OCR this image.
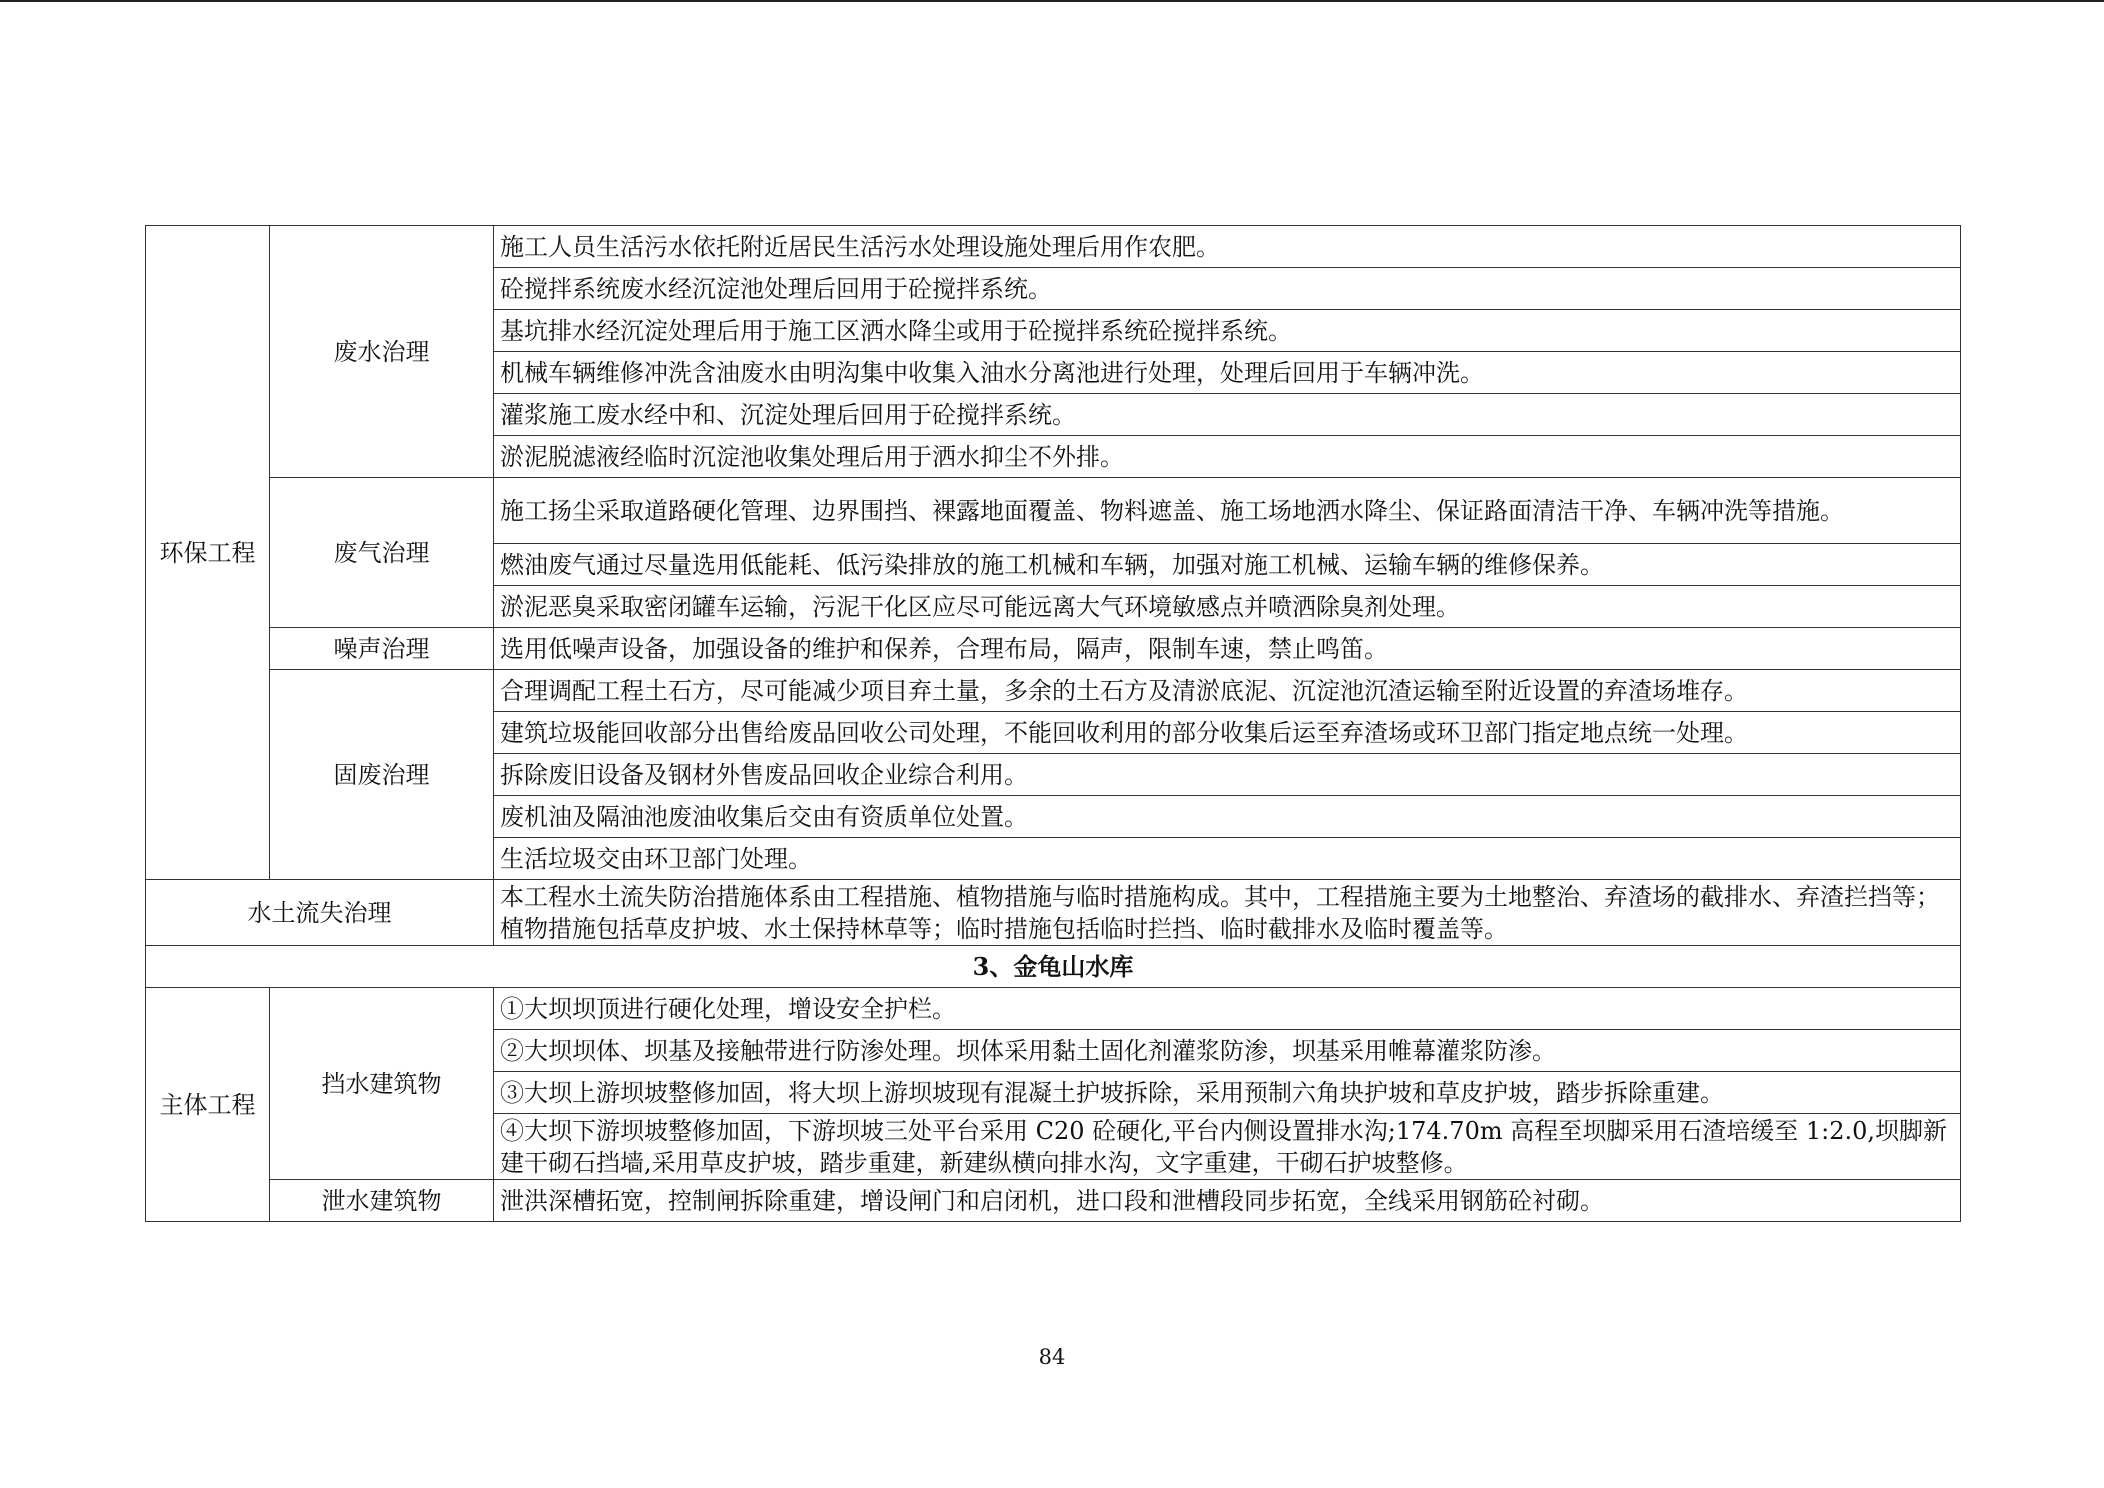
环保工程	废水治理	施工人员生活污水依托附近居民生活污水处理设施处理后用作农肥。
		砼搅拌系统废水经沉淀池处理后回用于砼搅拌系统。
		基坑排水经沉淀处理后用于施工区洒水降尘或用于砼搅拌系统砼搅拌系统。
		机械车辆维修冲洗含油废水由明沟集中收集入油水分离池进行处理，处理后回用于车辆冲洗。
		灌浆施工废水经中和、沉淀处理后回用于砼搅拌系统。
		淤泥脱滤液经临时沉淀池收集处理后用于洒水抑尘不外排。
	废气治理	施工扬尘采取道路硬化管理、边界围挡、裸露地面覆盖、物料遮盖、施工场地洒水降尘、保证路面清洁干净、车辆冲洗等措施。
		燃油废气通过尽量选用低能耗、低污染排放的施工机械和车辆，加强对施工机械、运输车辆的维修保养。
		淤泥恶臭采取密闭罐车运输，污泥干化区应尽可能远离大气环境敏感点并喷洒除臭剂处理。
	噪声治理	选用低噪声设备，加强设备的维护和保养，合理布局，隔声，限制车速，禁止鸣笛。
	固废治理	合理调配工程土石方，尽可能减少项目弃土量，多余的土石方及清淤底泥、沉淀池沉渣运输至附近设置的弃渣场堆存。
		建筑垃圾能回收部分出售给废品回收公司处理，不能回收利用的部分收集后运至弃渣场或环卫部门指定地点统一处理。
		拆除废旧设备及钢材外售废品回收企业综合利用。
		废机油及隔油池废油收集后交由有资质单位处置。
		生活垃圾交由环卫部门处理。
水土流失治理		本工程水土流失防治措施体系由工程措施、植物措施与临时措施构成。其中，工程措施主要为土地整治、弃渣场的截排水、弃渣拦挡等；植物措施包括草皮护坡、水土保持林草等；临时措施包括临时拦挡、临时截排水及临时覆盖等。
3、金龟山水库		
主体工程	挡水建筑物	①大坝坝顶进行硬化处理，增设安全护栏。
		②大坝坝体、坝基及接触带进行防渗处理。坝体采用黏土固化剂灌浆防渗，坝基采用帷幕灌浆防渗。
		③大坝上游坝坡整修加固，将大坝上游坝坡现有混凝土护坡拆除，采用预制六角块护坡和草皮护坡，踏步拆除重建。
		④大坝下游坝坡整修加固，下游坝坡三处平台采用 C20 砼硬化,平台内侧设置排水沟;174.70m 高程至坝脚采用石渣培缓至 1:2.0,坝脚新建干砌石挡墙,采用草皮护坡，踏步重建，新建纵横向排水沟，文字重建，干砌石护坡整修。
	泄水建筑物	泄洪深槽拓宽，控制闸拆除重建，增设闸门和启闭机，进口段和泄槽段同步拓宽，全线采用钢筋砼衬砌。
84
